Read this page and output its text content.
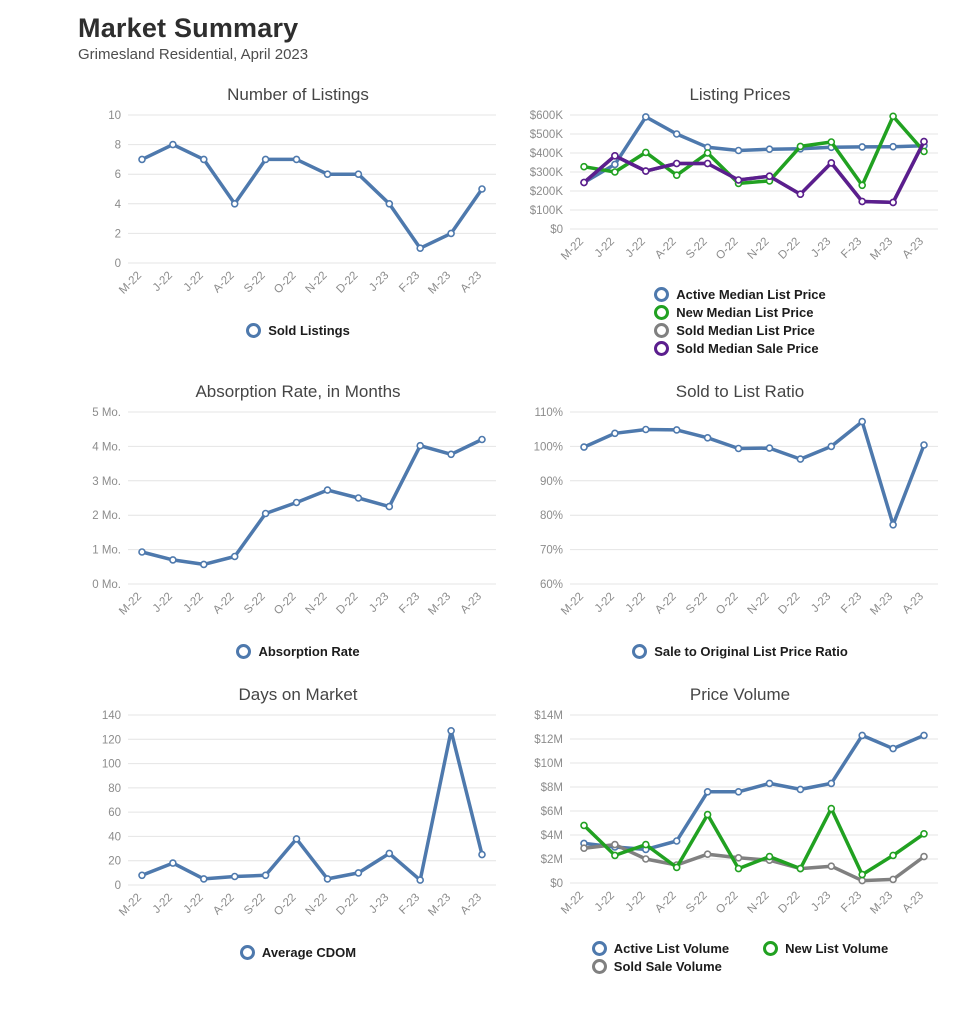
Market Summary
Grimesland Residential, April 2023
Number of Listings
0
2
4
6
8
10
M-22 J-22 J-22 A-22 S-22 O-22 N-22 D-22 J-23 F-23 M-23 A-23
Sold Listings
Listing Prices
$0
$100K
$200K
$300K
$400K
$500K
$600K
M-22 J-22 J-22 A-22 S-22 O-22 N-22 D-22 J-23 F-23 M-23 A-23
Active Median List Price
New Median List Price
Sold Median List Price
Sold Median Sale Price
Absorption Rate, in Months
0 Mo.
1 Mo.
2 Mo.
3 Mo.
4 Mo.
5 Mo.
M-22 J-22 J-22 A-22 S-22 O-22 N-22 D-22 J-23 F-23 M-23 A-23
Absorption Rate
Sold to List Ratio
60%
70%
80%
90%
100%
110%
M-22 J-22 J-22 A-22 S-22 O-22 N-22 D-22 J-23 F-23 M-23 A-23
Sale to Original List Price Ratio
Days on Market
0
20
40
60
80
100
120
140
M-22 J-22 J-22 A-22 S-22 O-22 N-22 D-22 J-23 F-23 M-23 A-23
Average CDOM
Price Volume
$0
$2M
$4M
$6M
$8M
$10M
$12M
$14M
M-22 J-22 J-22 A-22 S-22 O-22 N-22 D-22 J-23 F-23 M-23 A-23
Active List Volume	New List Volume
Sold Sale Volume
